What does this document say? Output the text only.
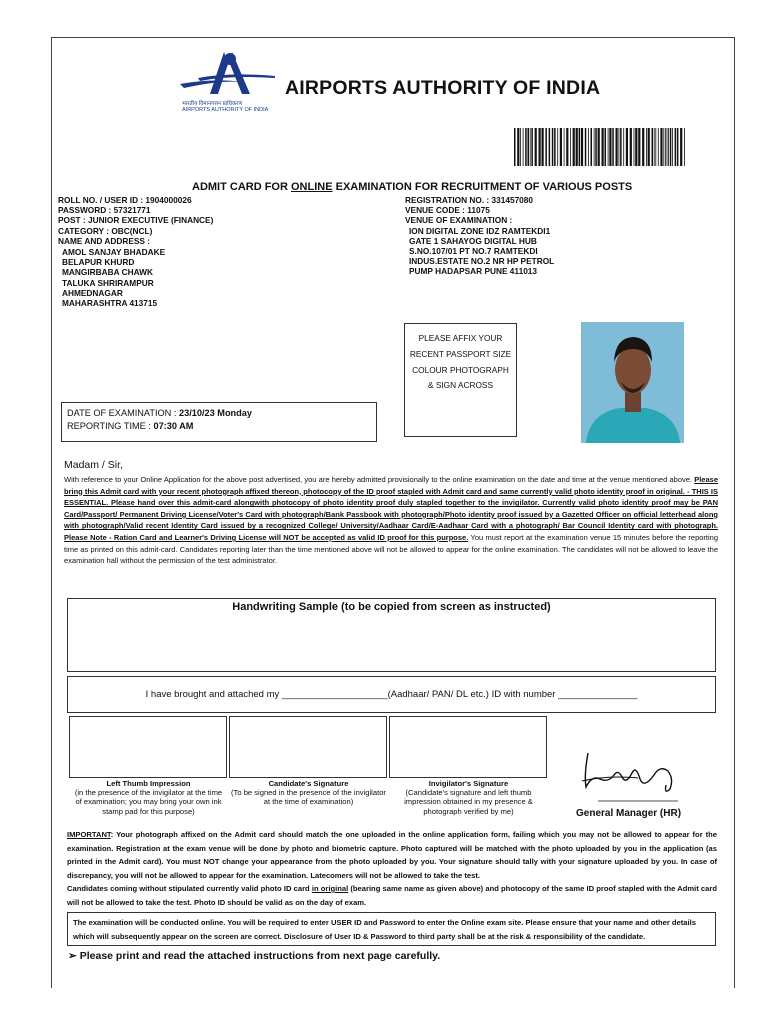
भारतीय विमानपत्तन प्राधिकरण
AIRPORTS AUTHORITY OF INDIA
AIRPORTS AUTHORITY OF INDIA
ADMIT CARD FOR ONLINE EXAMINATION FOR RECRUITMENT OF VARIOUS POSTS
ROLL NO. / USER ID : 1904000026
PASSWORD : 57321771
POST : JUNIOR EXECUTIVE (FINANCE)
CATEGORY : OBC(NCL)
NAME AND ADDRESS :
AMOL SANJAY BHADAKE
BELAPUR KHURD
MANGIRBABA CHAWK
TALUKA SHRIRAMPUR
AHMEDNAGAR
MAHARASHTRA 413715
REGISTRATION NO. : 331457080
VENUE CODE : 11075
VENUE OF EXAMINATION :
ION DIGITAL ZONE IDZ RAMTEKDI1
GATE 1 SAHAYOG DIGITAL HUB
S.NO.107/01 PT NO.7 RAMTEKDI
INDUS.ESTATE NO.2 NR HP PETROL
PUMP HADAPSAR PUNE 411013
PLEASE AFFIX YOUR
RECENT PASSPORT SIZE
COLOUR PHOTOGRAPH
& SIGN ACROSS
DATE OF EXAMINATION : 23/10/23 Monday
REPORTING TIME : 07:30 AM
Madam / Sir,
With reference to your Online Application for the above post advertised, you are hereby admitted provisionally to the online examination on the date and time at the venue mentioned above. Please bring this Admit card with your recent photograph affixed thereon, photocopy of the ID proof stapled with Admit card and same currently valid photo identity proof in original. - THIS IS ESSENTIAL. Please hand over this admit-card alongwith photocopy of photo identity proof duly stapled together to the invigilator. Currently valid photo identity proof may be PAN Card/Passport/ Permanent Driving License/Voter's Card with photograph/Bank Passbook with photograph/Photo identity proof issued by a Gazetted Officer on official letterhead along with photograph/Valid recent Identity Card issued by a recognized College/ University/Aadhaar Card/E-Aadhaar Card with a photograph/ Bar Council Identity card with photograph. Please Note - Ration Card and Learner's Driving License will NOT be accepted as valid ID proof for this purpose. You must report at the examination venue 15 minutes before the reporting time as printed on this admit-card. Candidates reporting later than the time mentioned above will not be allowed to appear for the online examination. The candidates will not be allowed to leave the examination hall without the permission of the test administrator.
Handwriting Sample (to be copied from screen as instructed)
I have brought and attached my ____________________(Aadhaar/ PAN/ DL etc.) ID with number _______________
Left Thumb Impression
(in the presence of the invigilator at the time of examination; you may bring your own ink stamp pad for this purpose)
Candidate's Signature
(To be signed in the presence of the invigilator at the time of examination)
Invigilator's Signature
(Candidate's signature and left thumb impression obtained in my presence & photograph verified by me)	General Manager (HR)
IMPORTANT: Your photograph affixed on the Admit card should match the one uploaded in the online application form, failing which you may not be allowed to appear for the examination. Registration at the exam venue will be done by photo and biometric capture. Photo captured will be matched with the photo uploaded by you in the application (as printed in the Admit card). You must NOT change your appearance from the photo uploaded by you. Your signature should tally with your signature uploaded by you. In case of discrepancy, you will not be allowed to appear for the examination. Latecomers will not be allowed to take the test.
Candidates coming without stipulated currently valid photo ID card in original (bearing same name as given above) and photocopy of the same ID proof stapled with the Admit card will not be allowed to take the test. Photo ID should be valid as on the day of exam.
The examination will be conducted online. You will be required to enter USER ID and Password to enter the Online exam site. Please ensure that your name and other details which will subsequently appear on the screen are correct. Disclosure of User ID & Password to third party shall be at the risk & responsibility of the candidate.
➢ Please print and read the attached instructions from next page carefully.
